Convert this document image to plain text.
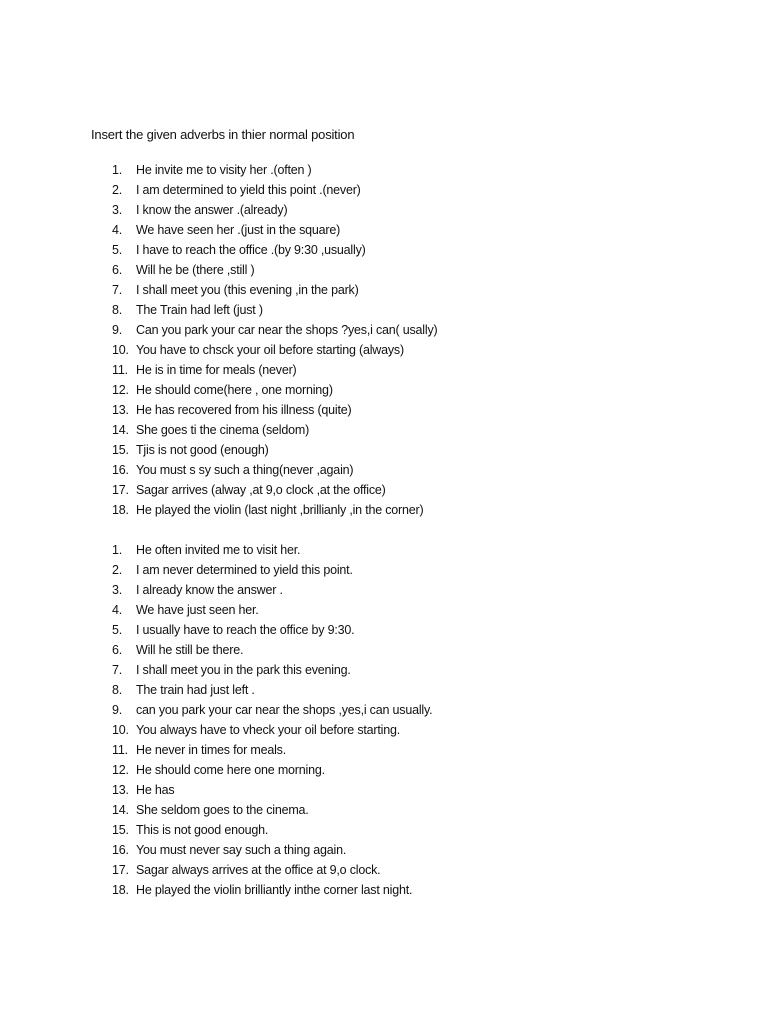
Insert the given adverbs in thier normal position
1. He invite me to visity her .(often )
2. I am determined to yield this point .(never)
3. I know the answer .(already)
4. We have seen her .(just in the square)
5. I have to reach the office .(by 9:30 ,usually)
6. Will he be (there ,still )
7. I shall meet you (this evening ,in the park)
8. The Train had left (just )
9. Can you park your car near the shops ?yes,i can( usally)
10. You have to chsck your oil before starting (always)
11. He is in time for meals (never)
12. He should come(here , one morning)
13. He has recovered from his illness (quite)
14. She goes ti the cinema (seldom)
15. Tjis is not good (enough)
16. You must s sy such a thing(never ,again)
17. Sagar arrives (alway ,at 9,o clock ,at the office)
18. He played the violin (last night ,brillianly ,in the corner)
1. He often invited me to visit her.
2. I am never determined to yield this point.
3. I already know the answer .
4. We have just seen her.
5. I usually have to reach the office by 9:30.
6. Will he still be there.
7. I shall meet you in the park this evening.
8. The train had just left .
9. can you park your car near the shops ,yes,i can usually.
10. You always have to vheck your oil before starting.
11. He never in times for meals.
12. He should come here one morning.
13. He has
14. She seldom goes to the cinema.
15. This is not good enough.
16. You must never say such a thing again.
17. Sagar always arrives at the office at 9,o clock.
18. He played the violin brilliantly inthe corner last night.
